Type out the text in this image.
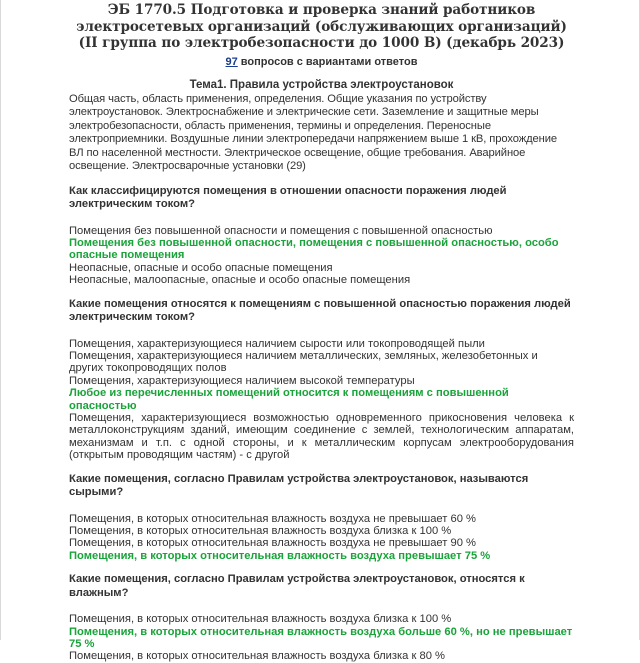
ЭБ 1770.5 Подготовка и проверка знаний работников электросетевых организаций (обслуживающих организаций) (II группа по электробезопасности до 1000 В) (декабрь 2023)
97 вопросов с вариантами ответов
Тема1. Правила устройства электроустановок

Общая часть, область применения, определения. Общие указания по устройству электроустановок. Электроснабжение и электрические сети. Заземление и защитные меры электробезопасности, область применения, термины и определения. Переносные электроприемники. Воздушные линии электропередачи напряжением выше 1 кВ, прохождение ВЛ по населенной местности. Электрическое освещение, общие требования. Аварийное освещение. Электросварочные установки (29)

Как классифицируются помещения в отношении опасности поражения людей электрическим током?

Помещения без повышенной опасности и помещения с повышенной опасностью

Помещения без повышенной опасности, помещения с повышенной опасностью, особо опасные помещения

Неопасные, опасные и особо опасные помещения

Неопасные, малоопасные, опасные и особо опасные помещения

Какие помещения относятся к помещениям с повышенной опасностью поражения людей электрическим током?

Помещения, характеризующиеся наличием сырости или токопроводящей пыли

Помещения, характеризующиеся наличием металлических, земляных, железобетонных и других токопроводящих полов

Помещения, характеризующиеся наличием высокой температуры

Любое из перечисленных помещений относится к помещениям с повышенной опасностью

Помещения, характеризующиеся возможностью одновременного прикосновения человека к металлоконструкциям зданий, имеющим соединение с землей, технологическим аппаратам, механизмам и т.п. с одной стороны, и к металлическим корпусам электрооборудования (открытым проводящим частям) - с другой

Какие помещения, согласно Правилам устройства электроустановок, называются сырыми?

Помещения, в которых относительная влажность воздуха не превышает 60 %

Помещения, в которых относительная влажность воздуха близка к 100 %

Помещения, в которых относительная влажность воздуха не превышает 90 %

Помещения, в которых относительная влажность воздуха превышает 75 %

Какие помещения, согласно Правилам устройства электроустановок, относятся к влажным?

Помещения, в которых относительная влажность воздуха близка к 100 %

Помещения, в которых относительная влажность воздуха больше 60 %, но не превышает 75 %

Помещения, в которых относительная влажность воздуха близка к 80 %
